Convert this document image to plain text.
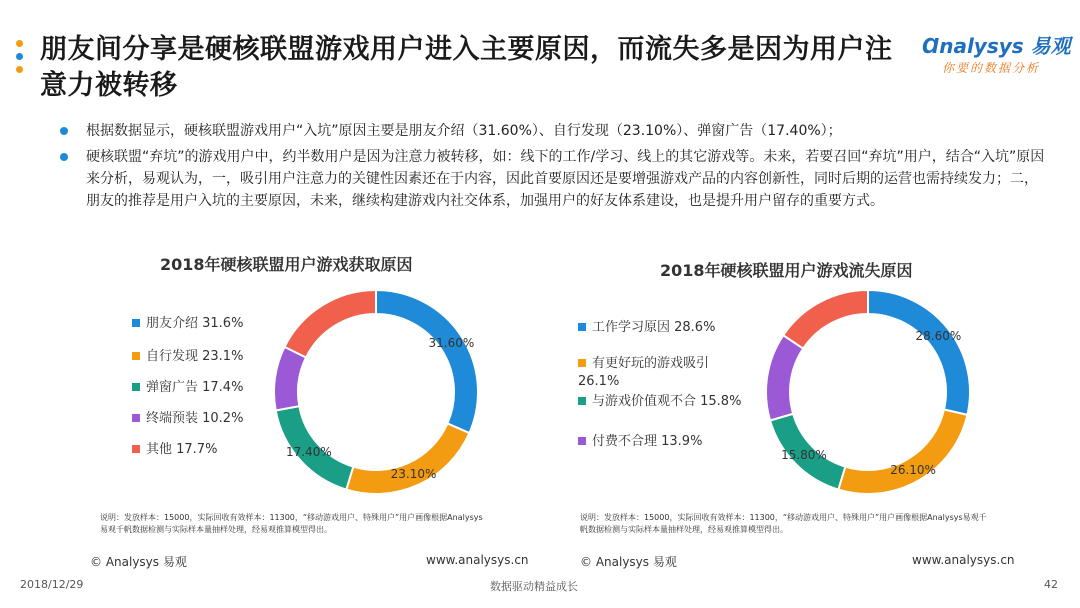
朋友间分享是硬核联盟游戏用户进入主要原因，而流失多是因为用户注意力被转移
Ɑnalysys 易观
你要的数据分析
根据数据显示，硬核联盟游戏用户“入坑”原因主要是朋友介绍（31.60%）、自行发现（23.10%）、弹窗广告（17.40%）；
硬核联盟“弃坑”的游戏用户中，约半数用户是因为注意力被转移，如：线下的工作/学习、线上的其它游戏等。未来，若要召回“弃坑”用户，结合“入坑”原因来分析，易观认为，一，吸引用户注意力的关键性因素还在于内容，因此首要原因还是要增强游戏产品的内容创新性，同时后期的运营也需持续发力；二，朋友的推荐是用户入坑的主要原因，未来，继续构建游戏内社交体系，加强用户的好友体系建设，也是提升用户留存的重要方式。
2018年硬核联盟用户游戏获取原因
朋友介绍 31.6%
自行发现 23.1%
弹窗广告 17.4%
终端预装 10.2%
其他 17.7%
31.60%
23.10%
17.40%
说明：发放样本：15000，实际回收有效样本：11300，“移动游戏用户、特殊用户”用户画像根据Analysys易观千帆数据检测与实际样本量抽样处理，经易观推算模型得出。
© Analysys 易观	www.analysys.cn
2018年硬核联盟用户游戏流失原因
工作学习原因 28.6%
有更好玩的游戏吸引
26.1%
与游戏价值观不合 15.8%
付费不合理 13.9%
28.60%
26.10%
15.80%
说明：发放样本：15000，实际回收有效样本：11300，“移动游戏用户、特殊用户”用户画像根据Analysys易观千帆数据检测与实际样本量抽样处理，经易观推算模型得出。
© Analysys 易观	www.analysys.cn
2018/12/29	数据驱动精益成长	42
